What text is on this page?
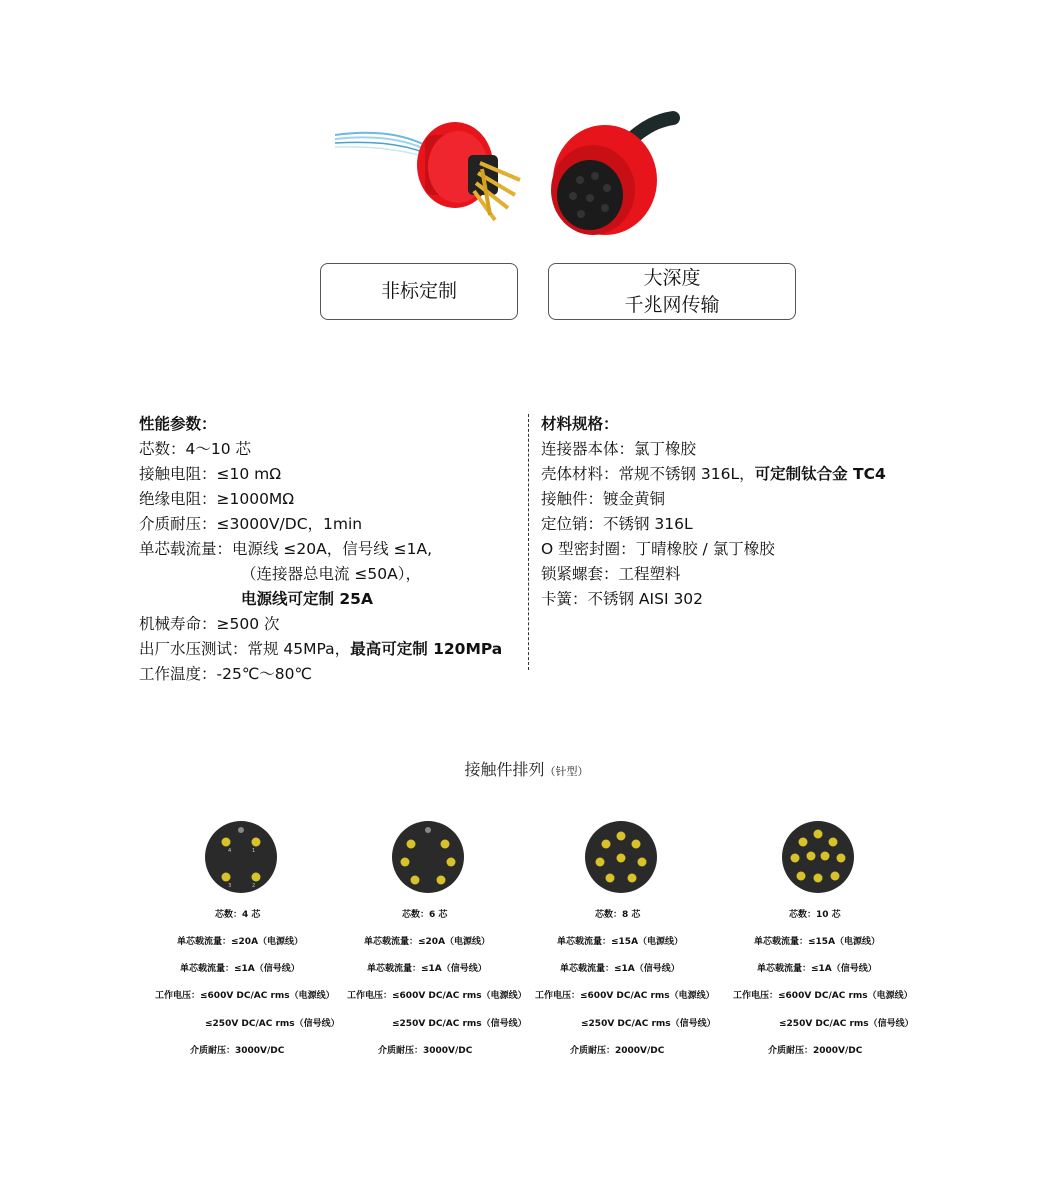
非标定制
大深度
千兆网传输
性能参数：
芯数：4～10 芯
接触电阻：≤10 mΩ
绝缘电阻：≥1000MΩ
介质耐压：≤3000V/DC，1min
单芯载流量：电源线 ≤20A，信号线 ≤1A,
（连接器总电流 ≤50A），
电源线可定制 25A
机械寿命：≥500 次
出厂水压测试：常规 45MPa，最高可定制 120MPa
工作温度：-25℃～80℃
材料规格：
连接器本体：氯丁橡胶
壳体材料：常规不锈钢 316L，可定制钛合金 TC4
接触件：镀金黄铜
定位销：不锈钢 316L
O 型密封圈：丁晴橡胶 / 氯丁橡胶
锁紧螺套：工程塑料
卡簧：不锈钢 AISI 302
接触件排列（针型）
4	1
3	2
芯数：4 芯
单芯载流量：≤20A（电源线）
单芯载流量：≤1A（信号线）
工作电压：≤600V DC/AC rms（电源线）
≤250V DC/AC rms（信号线）
介质耐压：3000V/DC
芯数：6 芯
单芯载流量：≤20A（电源线）
单芯载流量：≤1A（信号线）
工作电压：≤600V DC/AC rms（电源线）
≤250V DC/AC rms（信号线）
介质耐压：3000V/DC
芯数：8 芯
单芯载流量：≤15A（电源线）
单芯载流量：≤1A（信号线）
工作电压：≤600V DC/AC rms（电源线）
≤250V DC/AC rms（信号线）
介质耐压：2000V/DC
芯数：10 芯
单芯载流量：≤15A（电源线）
单芯载流量：≤1A（信号线）
工作电压：≤600V DC/AC rms（电源线）
≤250V DC/AC rms（信号线）
介质耐压：2000V/DC
